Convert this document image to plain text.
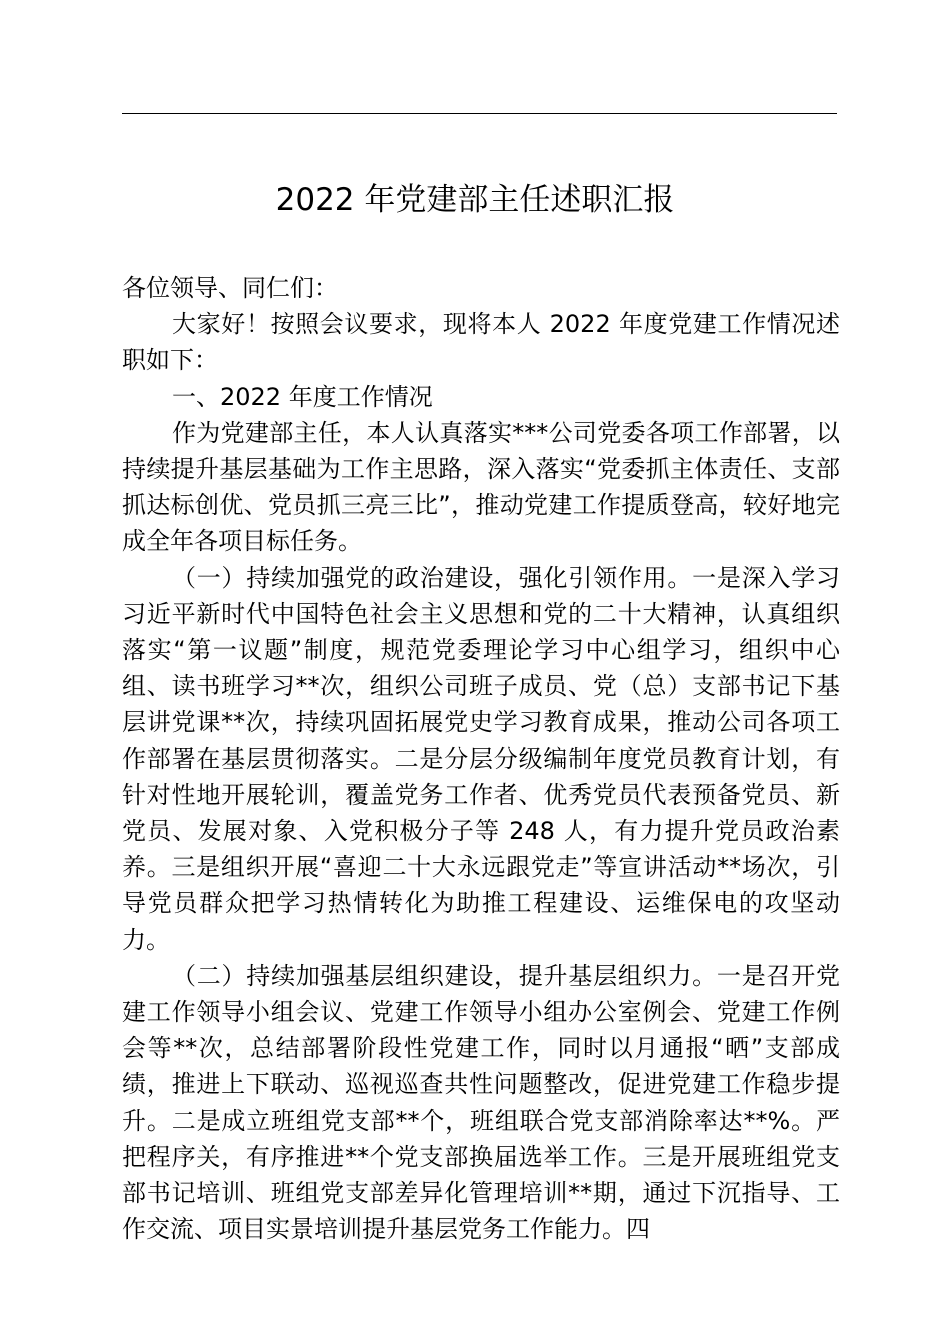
2022 年党建部主任述职汇报

各位领导、同仁们：

大家好！按照会议要求，现将本人 2022 年度党建工作情况述职如下：

一、2022 年度工作情况

作为党建部主任，本人认真落实***公司党委各项工作部署，以持续提升基层基础为工作主思路，深入落实“党委抓主体责任、支部抓达标创优、党员抓三亮三比”，推动党建工作提质登高，较好地完成全年各项目标任务。

（一）持续加强党的政治建设，强化引领作用。一是深入学习习近平新时代中国特色社会主义思想和党的二十大精神，认真组织落实“第一议题”制度，规范党委理论学习中心组学习，组织中心组、读书班学习**次，组织公司班子成员、党（总）支部书记下基层讲党课**次，持续巩固拓展党史学习教育成果，推动公司各项工作部署在基层贯彻落实。二是分层分级编制年度党员教育计划，有针对性地开展轮训，覆盖党务工作者、优秀党员代表预备党员、新党员、发展对象、入党积极分子等 248 人，有力提升党员政治素养。三是组织开展“喜迎二十大永远跟党走”等宣讲活动**场次，引导党员群众把学习热情转化为助推工程建设、运维保电的攻坚动力。

（二）持续加强基层组织建设，提升基层组织力。一是召开党建工作领导小组会议、党建工作领导小组办公室例会、党建工作例会等**次，总结部署阶段性党建工作，同时以月通报“晒”支部成绩，推进上下联动、巡视巡查共性问题整改，促进党建工作稳步提升。二是成立班组党支部**个，班组联合党支部消除率达**%。严把程序关，有序推进**个党支部换届选举工作。三是开展班组党支部书记培训、班组党支部差异化管理培训**期，通过下沉指导、工作交流、项目实景培训提升基层党务工作能力。四
